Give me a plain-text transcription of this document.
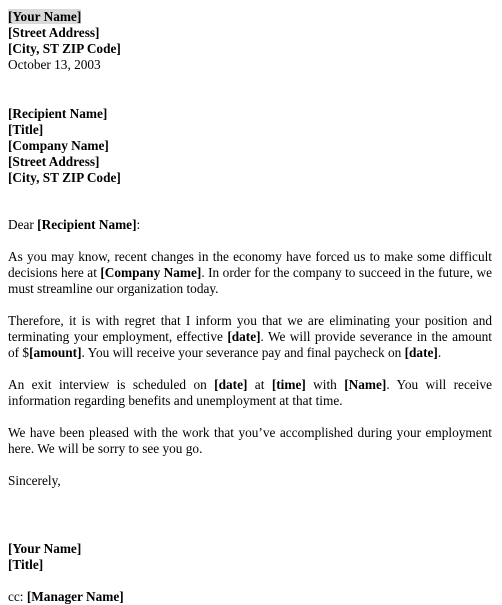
[Your Name]
[Street Address]
[City, ST ZIP Code]
October 13, 2003
[Recipient Name]
[Title]
[Company Name]
[Street Address]
[City, ST ZIP Code]

Dear [Recipient Name]:

As you may know, recent changes in the economy have forced us to make some difficult decisions here at [Company Name]. In order for the company to succeed in the future, we must streamline our organization today.

Therefore, it is with regret that I inform you that we are eliminating your position and terminating your employment, effective [date]. We will provide severance in the amount of $[amount]. You will receive your severance pay and final paycheck on [date].

An exit interview is scheduled on [date] at [time] with [Name]. You will receive information regarding benefits and unemployment at that time.

We have been pleased with the work that you’ve accomplished during your employment here. We will be sorry to see you go.

Sincerely,
[Your Name]
[Title]
cc: [Manager Name]
